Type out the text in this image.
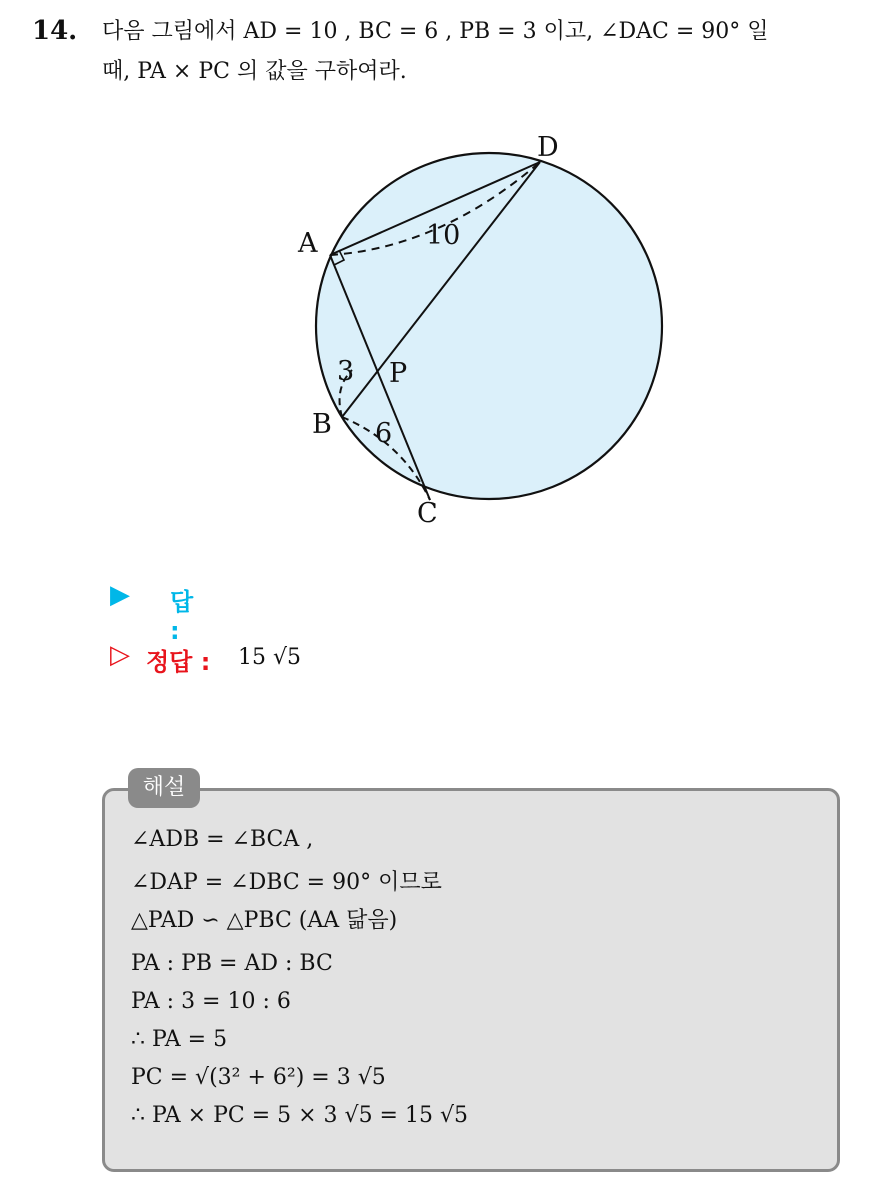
14. 다음 그림에서 AD = 10 , BC = 6 , PB = 3 이고, ∠DAC = 90° 일
때, PA × PC 의 값을 구하여라.
A
B
C
D
P
10
3
6
▶ 답 :
▷ 정답 : 15 √5
∠ADB = ∠BCA ,
∠DAP = ∠DBC = 90° 이므로
△PAD ∽ △PBC (AA 닮음)
PA : PB = AD : BC
PA : 3 = 10 : 6
∴ PA = 5
PC = √(3² + 6²) = 3 √5
∴ PA × PC = 5 × 3 √5 = 15 √5
해설
